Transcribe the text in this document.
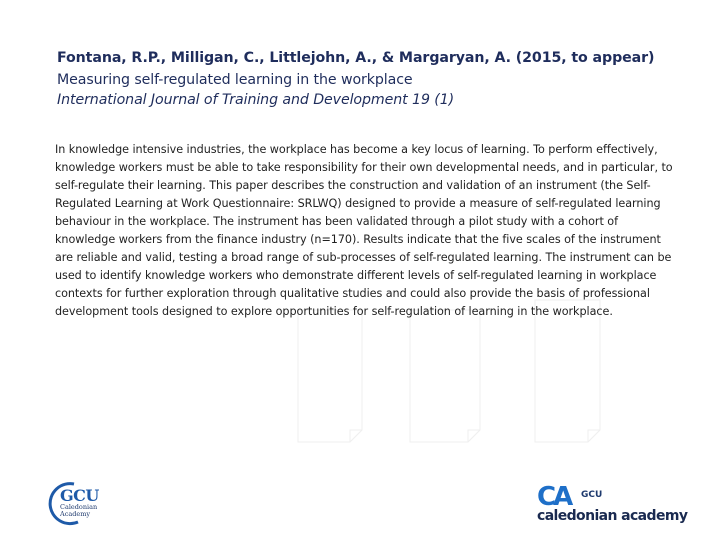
Fontana, R.P., Milligan, C., Littlejohn, A., & Margaryan, A. (2015, to appear)

Measuring self-regulated learning in the workplace

International Journal of Training and Development 19 (1)

In knowledge intensive industries, the workplace has become a key locus of learning. To perform effectively, knowledge workers must be able to take responsibility for their own developmental needs, and in particular, to self-regulate their learning. This paper describes the construction and validation of an instrument (the Self-Regulated Learning at Work Questionnaire: SRLWQ) designed to provide a measure of self-regulated learning behaviour in the workplace. The instrument has been validated through a pilot study with a cohort of knowledge workers from the finance industry (n=170). Results indicate that the five scales of the instrument are reliable and valid, testing a broad range of sub-processes of self-regulated learning. The instrument can be used to identify knowledge workers who demonstrate different levels of self-regulated learning in workplace contexts for further exploration through qualitative studies and could also provide the basis of professional development tools designed to explore opportunities for self-regulation of learning in the workplace.

GCU
Caledonian Academy
CA GCU
caledonian academy
